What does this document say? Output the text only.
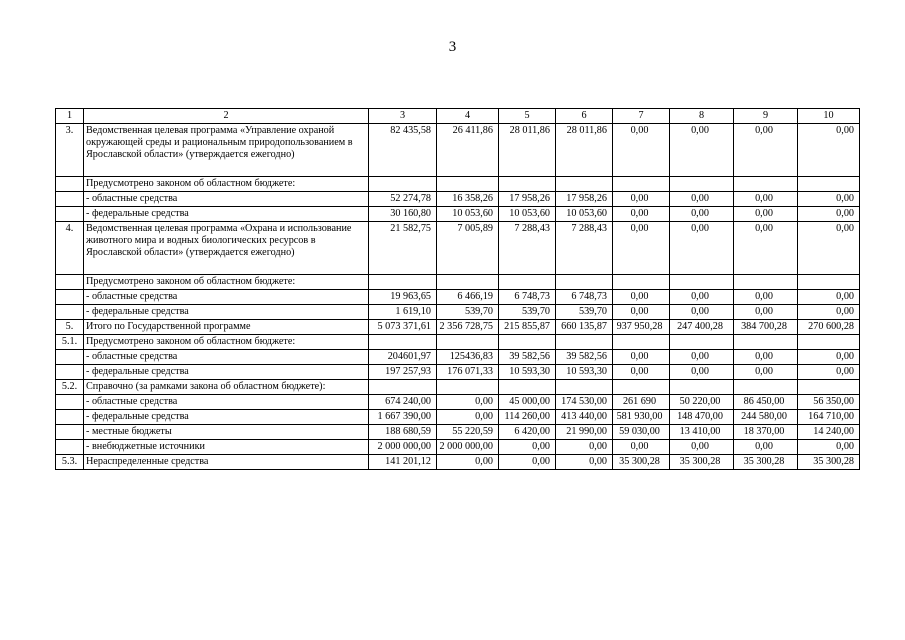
3
1	2	3	4	5	6	7	8	9	10
3.	Ведомственная целевая программа «Управление охраной окружающей среды и рациональным природопользованием в Ярославской области» (утверждается ежегодно)	82 435,58	26 411,86	28 011,86	28 011,86	0,00	0,00	0,00	0,00
	Предусмотрено законом об областном бюджете:								
	- областные средства	52 274,78	16 358,26	17 958,26	17 958,26	0,00	0,00	0,00	0,00
	- федеральные средства	30 160,80	10 053,60	10 053,60	10 053,60	0,00	0,00	0,00	0,00
4.	Ведомственная целевая программа «Охрана и использование животного мира и водных биологических ресурсов в Ярославской области» (утверждается ежегодно)	21 582,75	7 005,89	7 288,43	7 288,43	0,00	0,00	0,00	0,00
	Предусмотрено законом об областном бюджете:								
	- областные средства	19 963,65	6 466,19	6 748,73	6 748,73	0,00	0,00	0,00	0,00
	- федеральные средства	1 619,10	539,70	539,70	539,70	0,00	0,00	0,00	0,00
5.	Итого по Государственной программе	5 073 371,61	2 356 728,75	215 855,87	660 135,87	937 950,28	247 400,28	384 700,28	270 600,28
5.1.	Предусмотрено законом об областном бюджете:								
	- областные средства	204601,97	125436,83	39 582,56	39 582,56	0,00	0,00	0,00	0,00
	- федеральные средства	197 257,93	176 071,33	10 593,30	10 593,30	0,00	0,00	0,00	0,00
5.2.	Справочно (за рамками закона об областном бюджете):								
	- областные средства	674 240,00	0,00	45 000,00	174 530,00	261 690	50 220,00	86 450,00	56 350,00
	- федеральные средства	1 667 390,00	0,00	114 260,00	413 440,00	581 930,00	148 470,00	244 580,00	164 710,00
	- местные бюджеты	188 680,59	55 220,59	6 420,00	21 990,00	59 030,00	13 410,00	18 370,00	14 240,00
	- внебюджетные источники	2 000 000,00	2 000 000,00	0,00	0,00	0,00	0,00	0,00	0,00
5.3.	Нераспределенные средства	141 201,12	0,00	0,00	0,00	35 300,28	35 300,28	35 300,28	35 300,28
